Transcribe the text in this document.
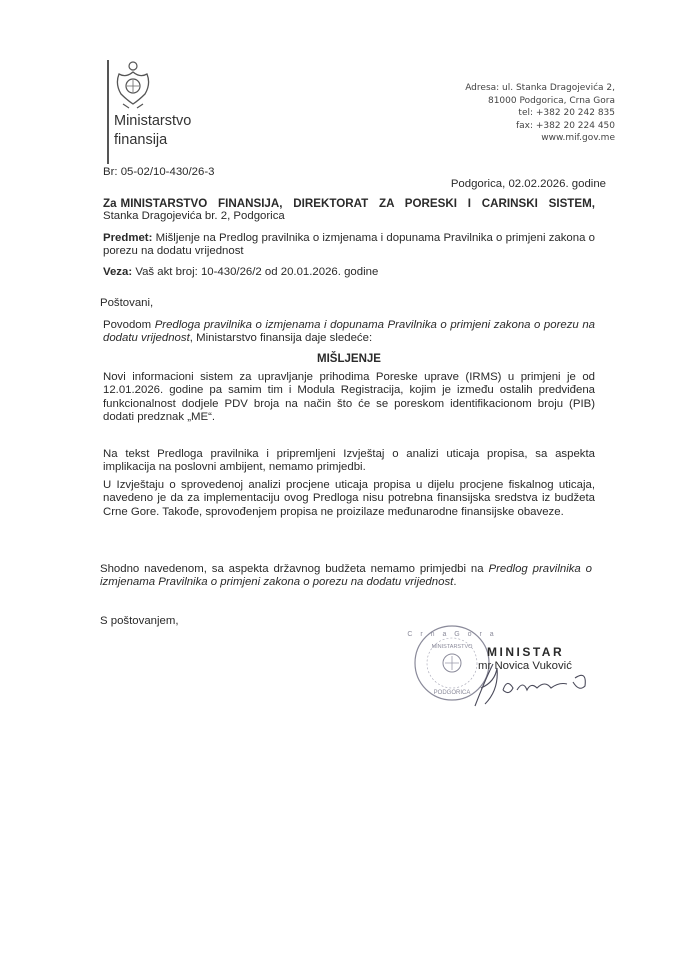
Ministarstvo
finansija
Adresa: ul. Stanka Dragojevića 2,
81000 Podgorica, Crna Gora
tel: +382 20 242 835
fax: +382 20 224 450
www.mif.gov.me
Br: 05-02/10-430/26-3
Podgorica, 02.02.2026. godine
Za MINISTARSTVO FINANSIJA, DIREKTORAT ZA PORESKI I CARINSKI SISTEM,
Stanka Dragojevića br. 2, Podgorica
Predmet: Mišljenje na Predlog pravilnika o izmjenama i dopunama Pravilnika o primjeni zakona o porezu na dodatu vrijednost
Veza: Vaš akt broj: 10-430/26/2 od 20.01.2026. godine
Poštovani,
Povodom Predloga pravilnika o izmjenama i dopunama Pravilnika o primjeni zakona o porezu na dodatu vrijednost, Ministarstvo finansija daje sledeće:
MIŠLJENJE
Novi informacioni sistem za upravljanje prihodima Poreske uprave (IRMS) u primjeni je od 12.01.2026. godine pa samim tim i Modula Registracija, kojim je između ostalih predviđena funkcionalnost dodjele PDV broja na način što će se poreskom identifikacionom broju (PIB) dodati predznak „ME“.
Na tekst Predloga pravilnika i pripremljeni Izvještaj o analizi uticaja propisa, sa aspekta implikacija na poslovni ambijent, nemamo primjedbi.
U Izvještaju o sprovedenoj analizi procjene uticaja propisa u dijelu procjene fiskalnog uticaja, navedeno je da za implementaciju ovog Predloga nisu potrebna finansijska sredstva iz budžeta Crne Gore. Takođe, sprovođenjem propisa ne proizilaze međunarodne finansijske obaveze.
Shodno navedenom, sa aspekta državnog budžeta nemamo primjedbi na Predlog pravilnika o izmjenama Pravilnika o primjeni zakona o porezu na dodatu vrijednost.
S poštovanjem,
C r n a G o r a
MINISTARSTVO
PODGORICA
MINISTAR
mr Novica Vuković
